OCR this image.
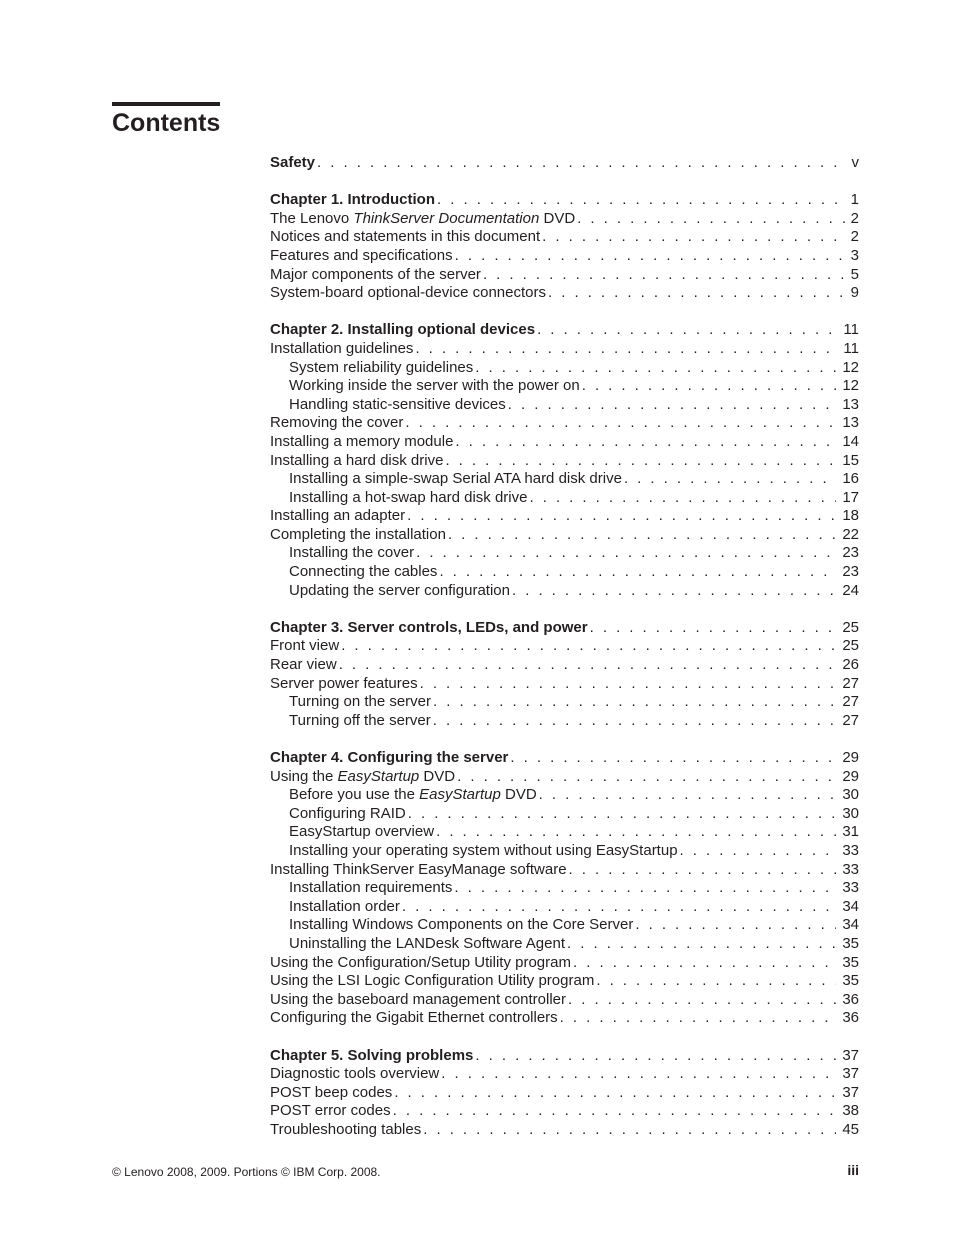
Contents
Safety . . .	v
Chapter 1. Introduction . . .	1
The Lenovo ThinkServer Documentation DVD . . .	2
Notices and statements in this document . . .	2
Features and specifications . . .	3
Major components of the server . . .	5
System-board optional-device connectors . . .	9
Chapter 2. Installing optional devices . . .	11
Installation guidelines . . .	11
System reliability guidelines . . .	12
Working inside the server with the power on . . .	12
Handling static-sensitive devices . . .	13
Removing the cover . . .	13
Installing a memory module . . .	14
Installing a hard disk drive . . .	15
Installing a simple-swap Serial ATA hard disk drive . . .	16
Installing a hot-swap hard disk drive . . .	17
Installing an adapter . . .	18
Completing the installation . . .	22
Installing the cover . . .	23
Connecting the cables . . .	23
Updating the server configuration . . .	24
Chapter 3. Server controls, LEDs, and power . . .	25
Front view . . .	25
Rear view . . .	26
Server power features . . .	27
Turning on the server . . .	27
Turning off the server . . .	27
Chapter 4. Configuring the server . . .	29
Using the EasyStartup DVD . . .	29
Before you use the EasyStartup DVD . . .	30
Configuring RAID . . .	30
EasyStartup overview . . .	31
Installing your operating system without using EasyStartup . . .	33
Installing ThinkServer EasyManage software . . .	33
Installation requirements . . .	33
Installation order . . .	34
Installing Windows Components on the Core Server . . .	34
Uninstalling the LANDesk Software Agent . . .	35
Using the Configuration/Setup Utility program . . .	35
Using the LSI Logic Configuration Utility program . . .	35
Using the baseboard management controller . . .	36
Configuring the Gigabit Ethernet controllers . . .	36
Chapter 5. Solving problems . . .	37
Diagnostic tools overview . . .	37
POST beep codes . . .	37
POST error codes . . .	38
Troubleshooting tables . . .	45
© Lenovo 2008, 2009. Portions © IBM Corp. 2008.	iii
